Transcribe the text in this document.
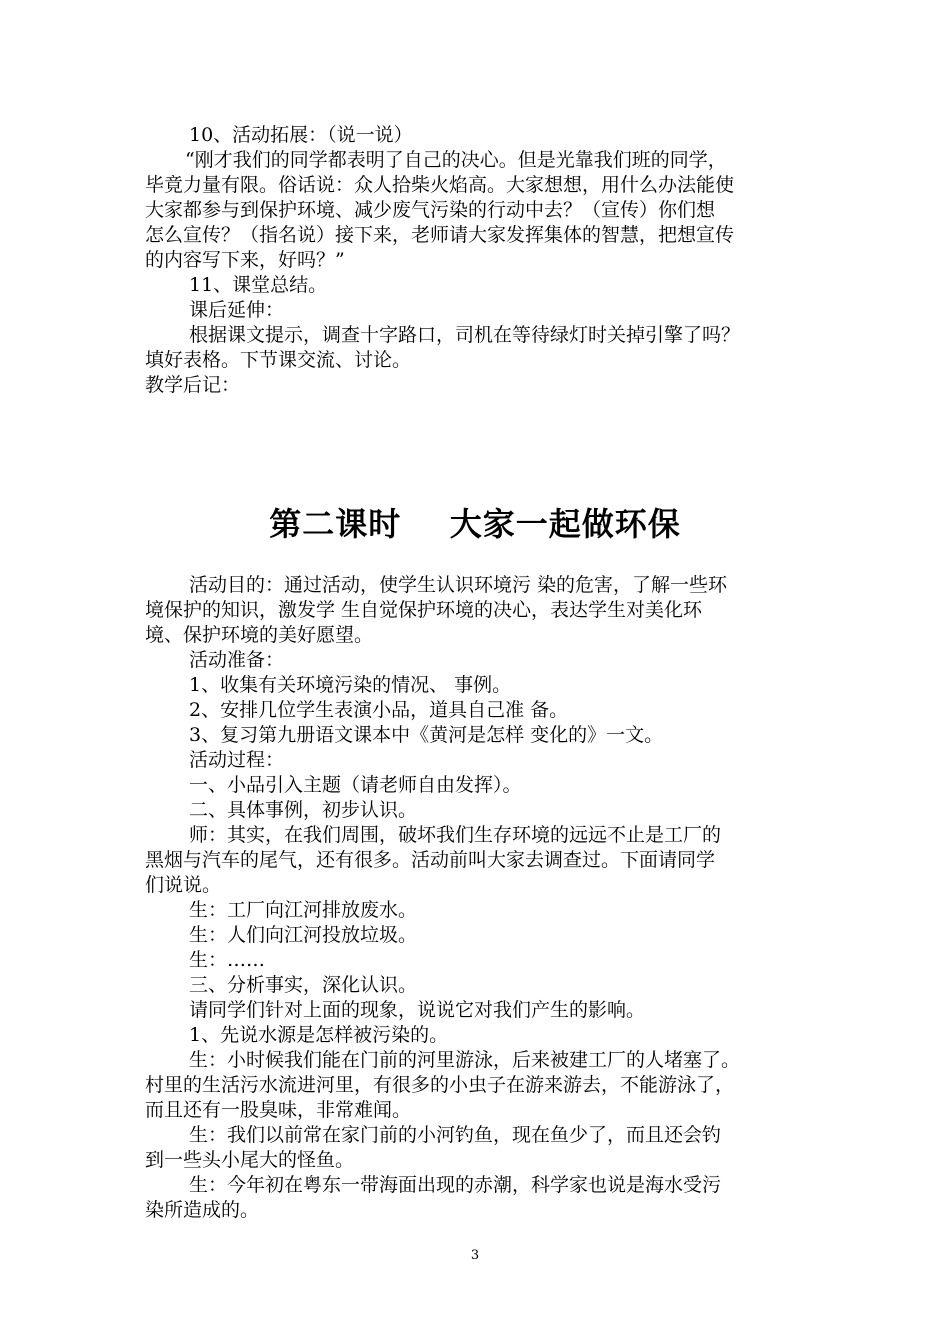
10、活动拓展：（说一说）
“刚才我们的同学都表明了自己的决心。但是光靠我们班的同学，
毕竟力量有限。俗话说：众人拾柴火焰高。大家想想，用什么办法能使
大家都参与到保护环境、减少废气污染的行动中去？（宣传）你们想
怎么宣传？（指名说）接下来，老师请大家发挥集体的智慧，把想宣传
的内容写下来，好吗？”
11、课堂总结。
课后延伸：
根据课文提示，调查十字路口，司机在等待绿灯时关掉引擎了吗？
填好表格。下节课交流、讨论。
教学后记：
第二课时    大家一起做环保
活动目的：通过活动，使学生认识环境污 染的危害，了解一些环
境保护的知识，激发学 生自觉保护环境的决心，表达学生对美化环
境、保护环境的美好愿望。
活动准备：
1、收集有关环境污染的情况、 事例。
2、安排几位学生表演小品，道具自己准 备。
3、复习第九册语文课本中《黄河是怎样 变化的》一文。
活动过程：
一、小品引入主题（请老师自由发挥）。
二、具体事例，初步认识。
师：其实，在我们周围，破坏我们生存环境的远远不止是工厂的
黑烟与汽车的尾气，还有很多。活动前叫大家去调查过。下面请同学
们说说。
生：工厂向江河排放废水。
生：人们向江河投放垃圾。
生：……
三、分析事实，深化认识。
请同学们针对上面的现象，说说它对我们产生的影响。
1、先说水源是怎样被污染的。
生：小时候我们能在门前的河里游泳，后来被建工厂的人堵塞了。
村里的生活污水流进河里，有很多的小虫子在游来游去，不能游泳了，
而且还有一股臭味，非常难闻。
生：我们以前常在家门前的小河钓鱼，现在鱼少了，而且还会钓
到一些头小尾大的怪鱼。
生：今年初在粤东一带海面出现的赤潮，科学家也说是海水受污
染所造成的。
3
